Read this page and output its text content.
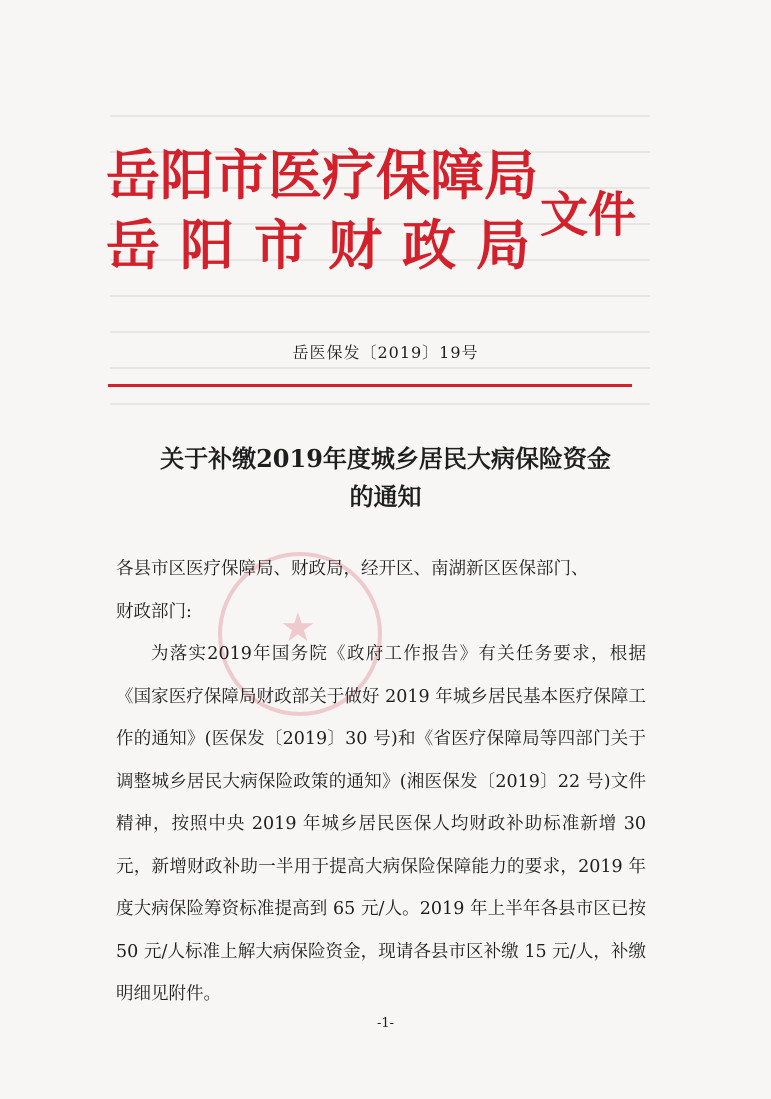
岳阳市医疗保障局
岳阳市财政局
文件
岳医保发〔2019〕19号
关于补缴2019年度城乡居民大病保险资金
的通知
★

各县市区医疗保障局、财政局，经开区、南湖新区医保部门、

财政部门:

为落实2019年国务院《政府工作报告》有关任务要求，根据《国家医疗保障局财政部关于做好 2019 年城乡居民基本医疗保障工作的通知》(医保发〔2019〕30 号)和《省医疗保障局等四部门关于调整城乡居民大病保险政策的通知》(湘医保发〔2019〕22 号)文件精神，按照中央 2019 年城乡居民医保人均财政补助标准新增 30 元，新增财政补助一半用于提高大病保险保障能力的要求，2019 年度大病保险筹资标准提高到 65 元/人。2019 年上半年各县市区已按 50 元/人标准上解大病保险资金，现请各县市区补缴 15 元/人，补缴明细见附件。

-1-
